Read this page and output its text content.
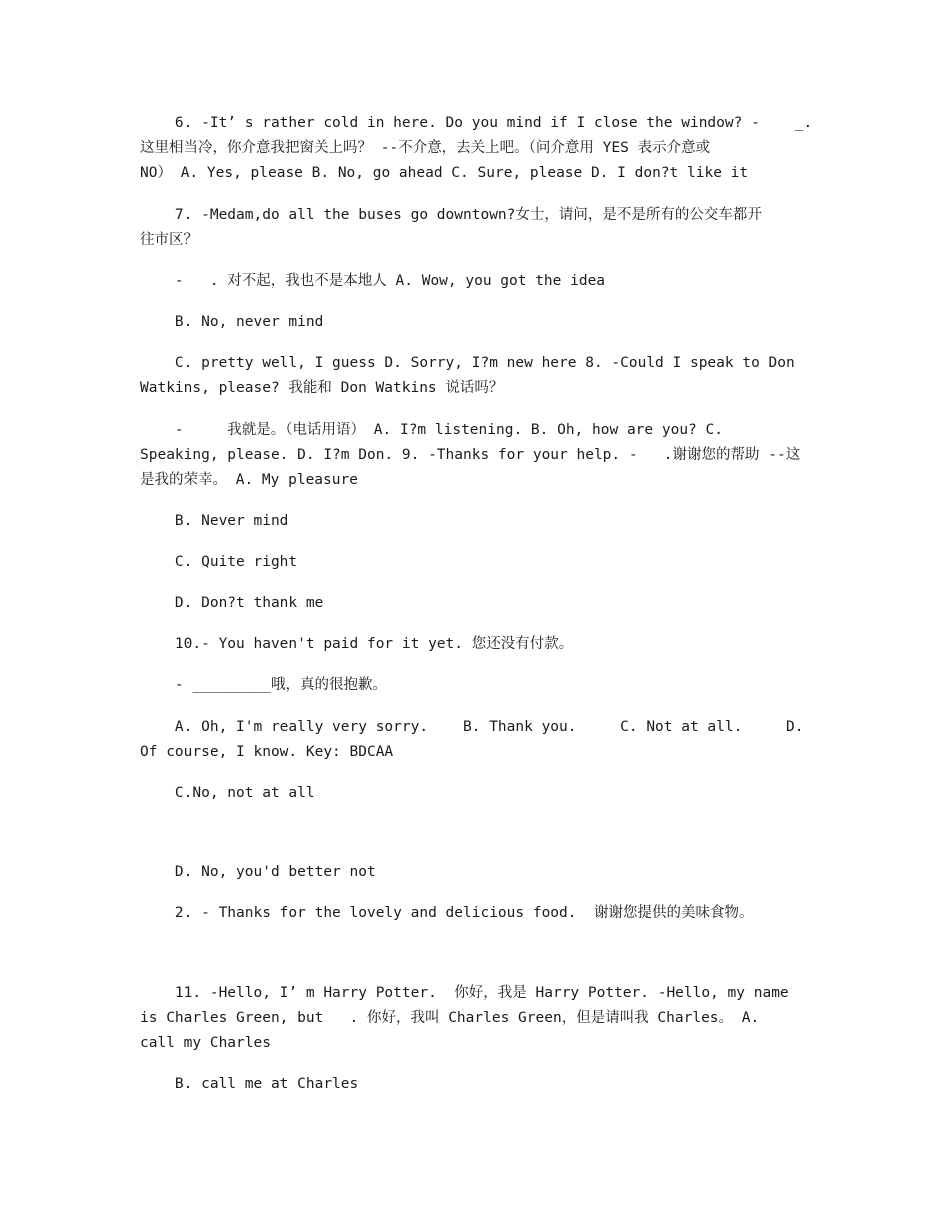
6. -It’ s rather cold in here. Do you mind if I close the window? -    _.
这里相当冷，你介意我把窗关上吗？ --不介意，去关上吧。（问介意用 YES 表示介意或
NO） A. Yes, please B. No, go ahead C. Sure, please D. I don?t like it
7. -Medam,do all the buses go downtown?女士，请问，是不是所有的公交车都开
往市区？
-   . 对不起，我也不是本地人 A. Wow, you got the idea
B. No, never mind
C. pretty well, I guess D. Sorry, I?m new here 8. -Could I speak to Don
Watkins, please? 我能和 Don Watkins 说话吗？
-     我就是。（电话用语） A. I?m listening. B. Oh, how are you? C.
Speaking, please. D. I?m Don. 9. -Thanks for your help. -   .谢谢您的帮助 --这
是我的荣幸。 A. My pleasure
B. Never mind
C. Quite right
D. Don?t thank me
10.- You haven't paid for it yet. 您还没有付款。
- _________哦，真的很抱歉。
A. Oh, I'm really very sorry.    B. Thank you.     C. Not at all.     D.
Of course, I know. Key: BDCAA
C.No, not at all

D. No, you'd better not
2. - Thanks for the lovely and delicious food.  谢谢您提供的美味食物。

11. -Hello, I’ m Harry Potter.  你好，我是 Harry Potter. -Hello, my name
is Charles Green, but   . 你好，我叫 Charles Green，但是请叫我 Charles。 A.
call my Charles
B. call me at Charles
